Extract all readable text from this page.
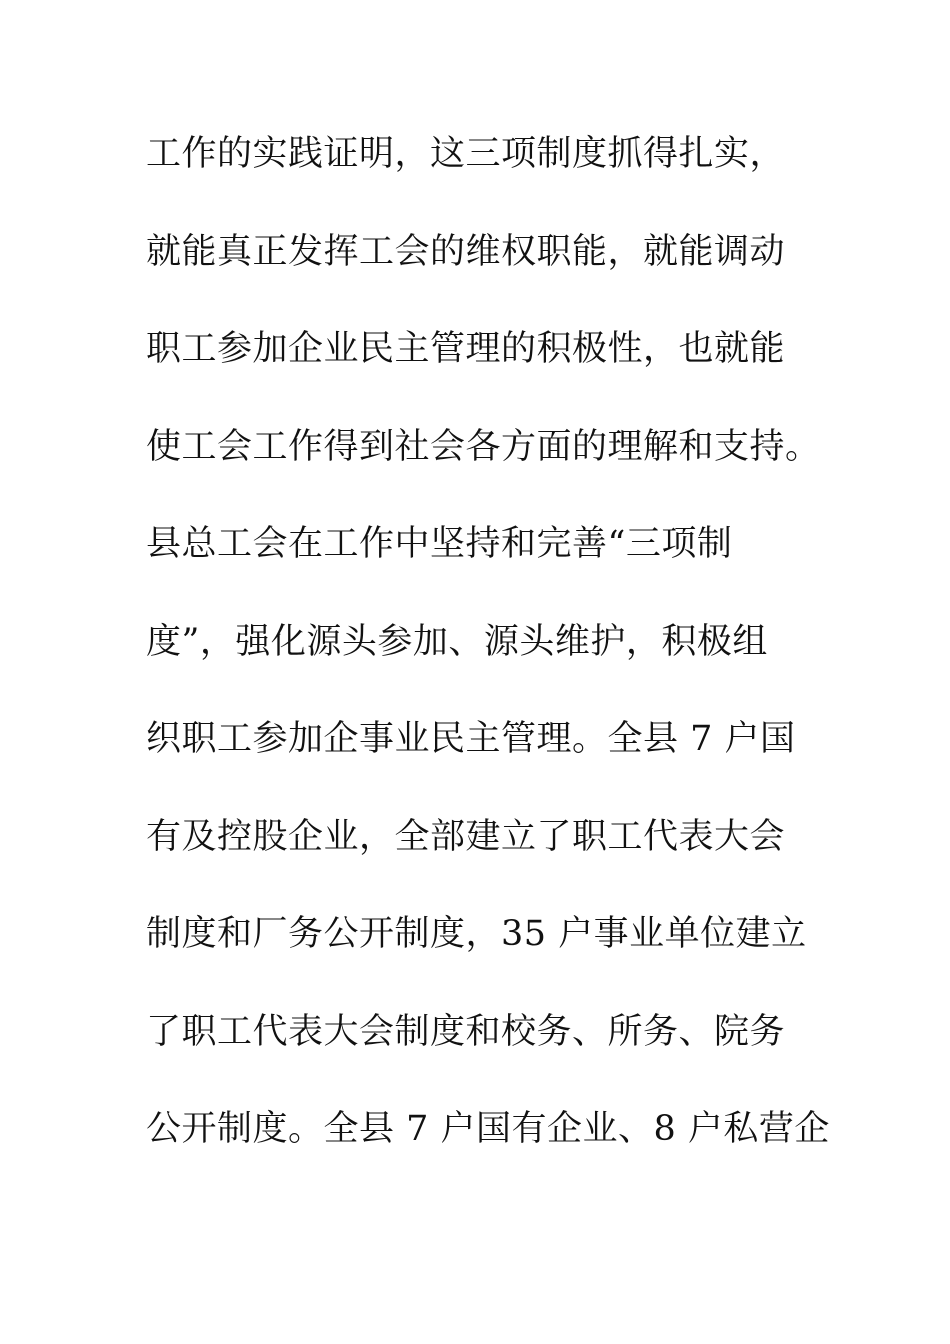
工作的实践证明，这三项制度抓得扎实，
就能真正发挥工会的维权职能，就能调动
职工参加企业民主管理的积极性，也就能
使工会工作得到社会各方面的理解和支持。
县总工会在工作中坚持和完善“三项制
度”，强化源头参加、源头维护，积极组
织职工参加企事业民主管理。全县 7 户国
有及控股企业，全部建立了职工代表大会
制度和厂务公开制度，35 户事业单位建立
了职工代表大会制度和校务、所务、院务
公开制度。全县 7 户国有企业、8 户私营企
